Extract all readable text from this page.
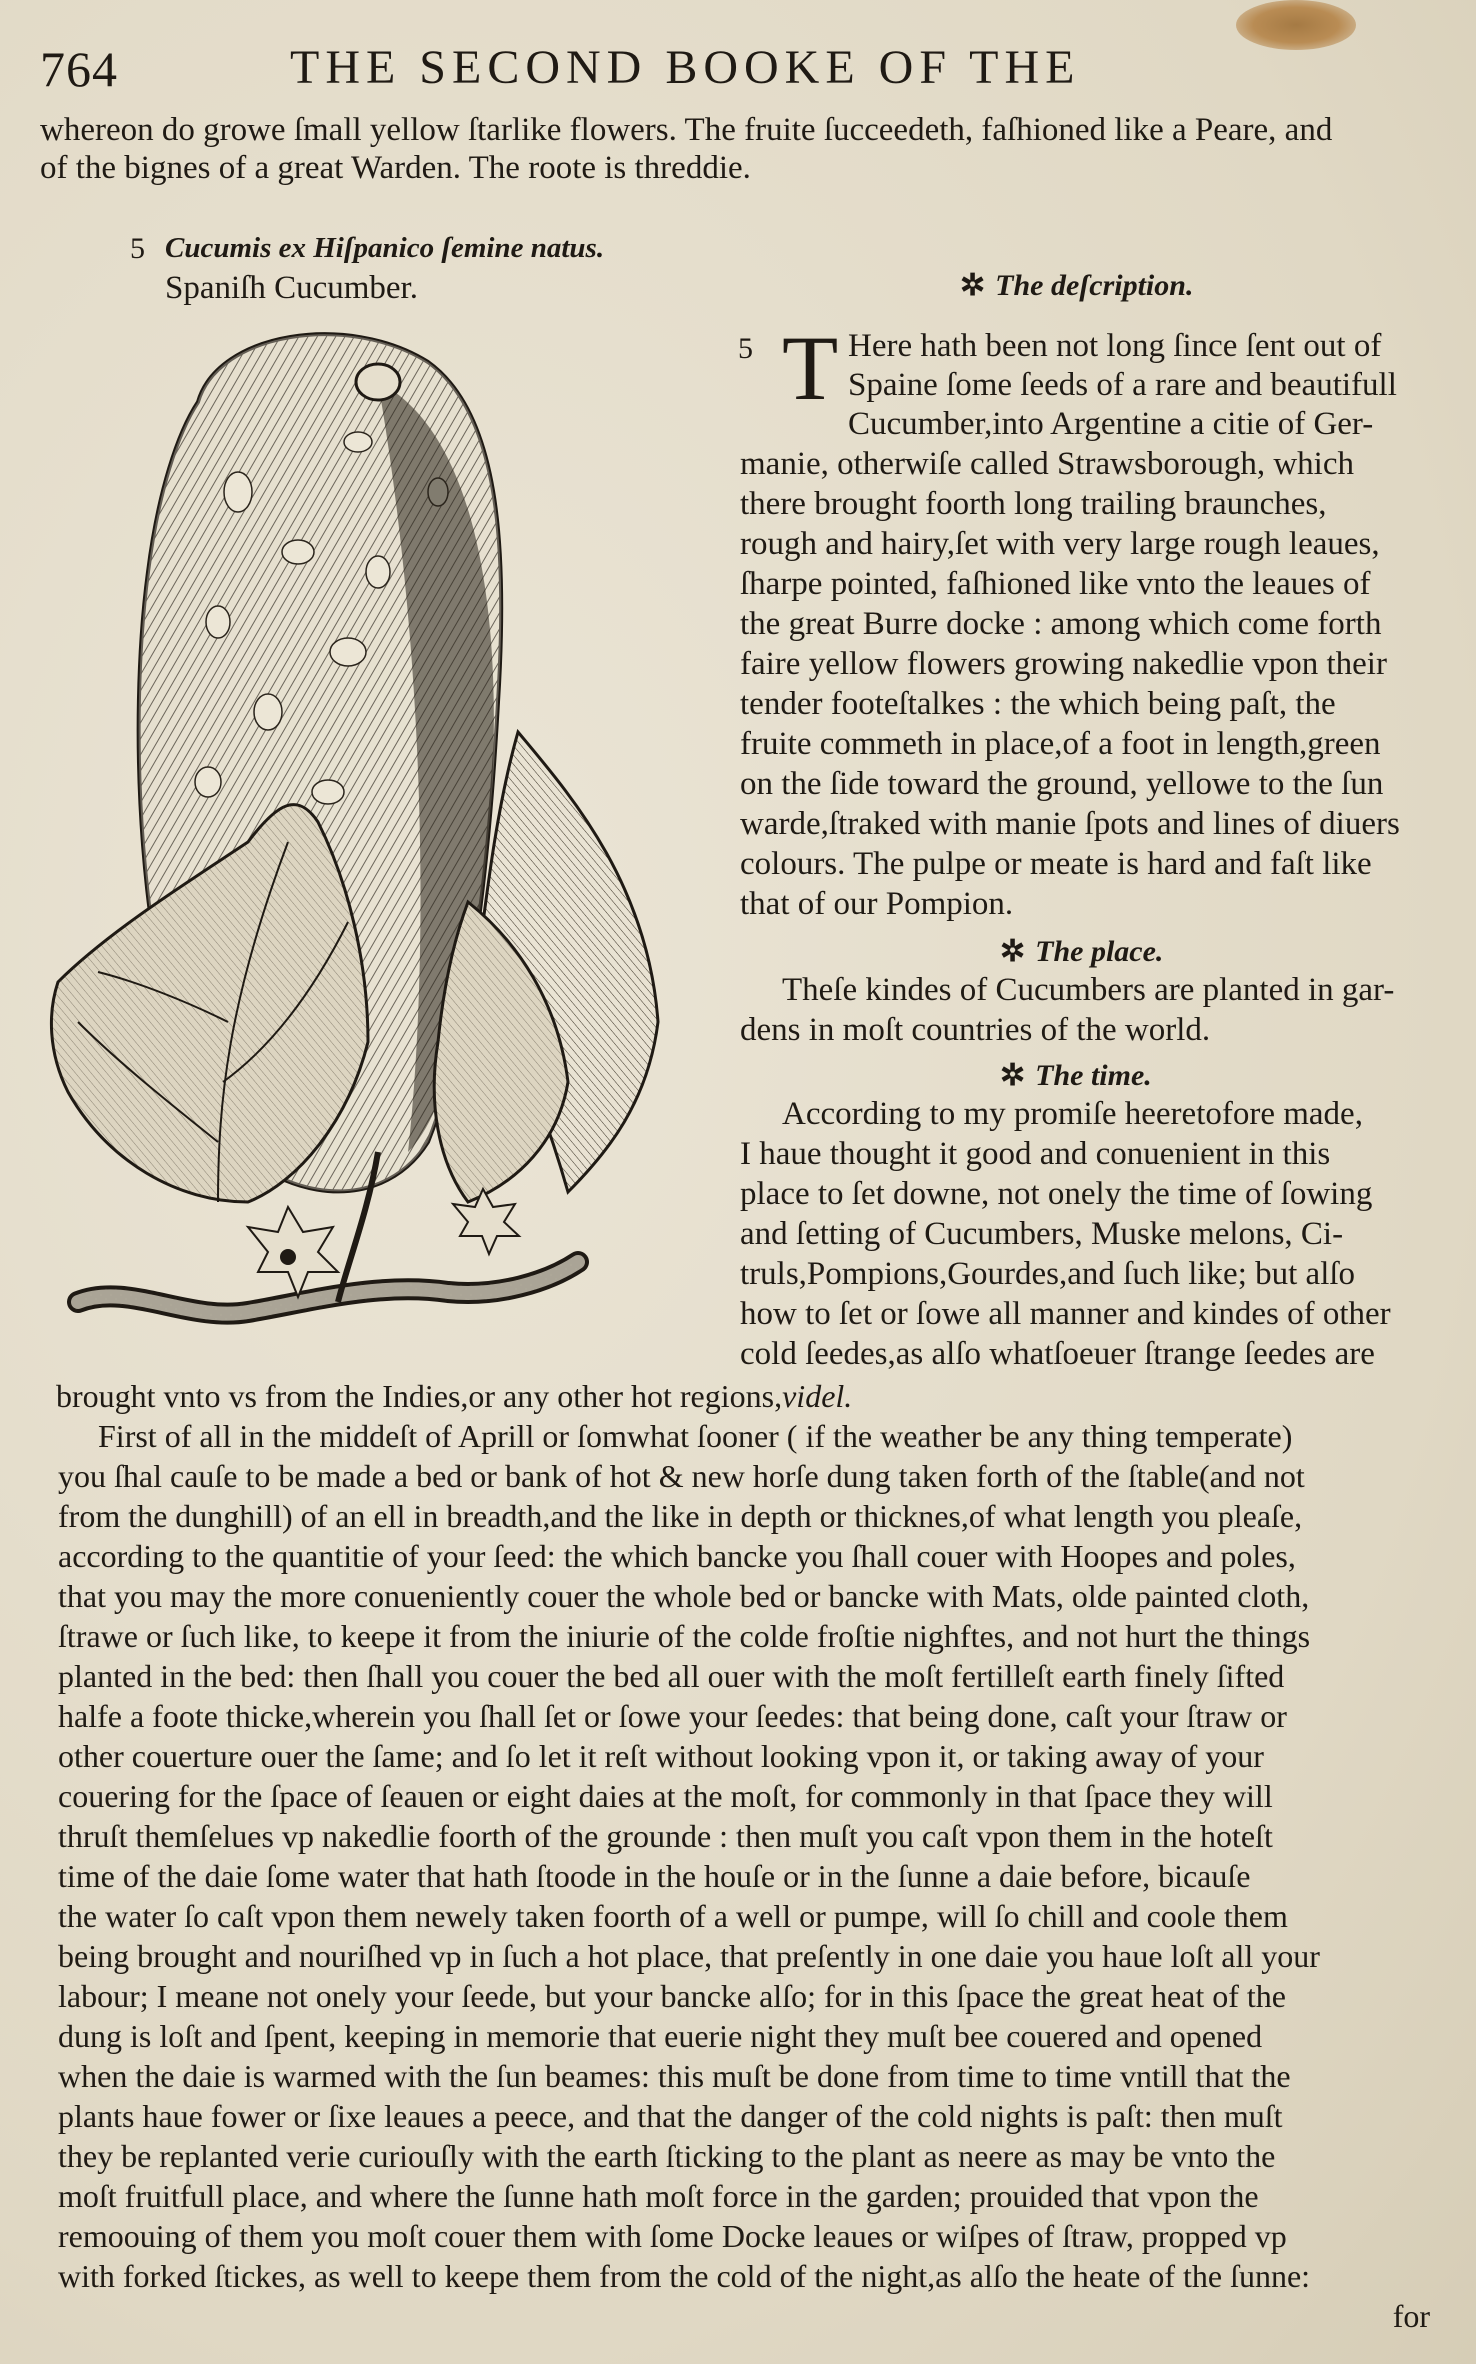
764	THE SECOND BOOKE OF THE
whereon do growe ſmall yellow ſtarlike flowers. The fruite ſucceedeth, faſhioned like a Peare, and
of the bignes of a great Warden. The roote is threddie.
5 Cucumis ex Hiſpanico ſemine natus.
Spaniſh Cucumber.	✲ The deſcription.
5 T Here hath been not long ſince ſent out of
Spaine ſome ſeeds of a rare and beautifull
Cucumber,into Argentine a citie of Ger-
manie, otherwiſe called Strawsborough, which
there brought foorth long trailing braunches,
rough and hairy,ſet with very large rough leaues,
ſharpe pointed, faſhioned like vnto the leaues of
the great Burre docke : among which come forth
faire yellow flowers growing nakedlie vpon their
tender footeſtalkes : the which being paſt, the
fruite commeth in place,of a foot in length,green
on the ſide toward the ground, yellowe to the ſun
warde,ſtraked with manie ſpots and lines of diuers
colours. The pulpe or meate is hard and faſt like
that of our Pompion.
✲ The place.
Theſe kindes of Cucumbers are planted in gar-
dens in moſt countries of the world.
✲ The time.
According to my promiſe heeretofore made,
I haue thought it good and conuenient in this
place to ſet downe, not onely the time of ſowing
and ſetting of Cucumbers, Muske melons, Ci-
truls,Pompions,Gourdes,and ſuch like; but alſo
how to ſet or ſowe all manner and kindes of other
cold ſeedes,as alſo whatſoeuer ſtrange ſeedes are
brought vnto vs from the Indies,or any other hot regions,videl.
First of all in the middeſt of Aprill or ſomwhat ſooner ( if the weather be any thing temperate)
you ſhal cauſe to be made a bed or bank of hot & new horſe dung taken forth of the ſtable(and not
from the dunghill) of an ell in breadth,and the like in depth or thicknes,of what length you pleaſe,
according to the quantitie of your ſeed: the which bancke you ſhall couer with Hoopes and poles,
that you may the more conueniently couer the whole bed or bancke with Mats, olde painted cloth,
ſtrawe or ſuch like, to keepe it from the iniurie of the colde froſtie nighftes, and not hurt the things
planted in the bed: then ſhall you couer the bed all ouer with the moſt fertilleſt earth finely ſifted
halfe a foote thicke,wherein you ſhall ſet or ſowe your ſeedes: that being done, caſt your ſtraw or
other couerture ouer the ſame; and ſo let it reſt without looking vpon it, or taking away of your
couering for the ſpace of ſeauen or eight daies at the moſt, for commonly in that ſpace they will
thruſt themſelues vp nakedlie foorth of the grounde : then muſt you caſt vpon them in the hoteſt
time of the daie ſome water that hath ſtoode in the houſe or in the ſunne a daie before, bicauſe
the water ſo caſt vpon them newely taken foorth of a well or pumpe, will ſo chill and coole them
being brought and nouriſhed vp in ſuch a hot place, that preſently in one daie you haue loſt all your
labour; I meane not onely your ſeede, but your bancke alſo; for in this ſpace the great heat of the
dung is loſt and ſpent, keeping in memorie that euerie night they muſt bee couered and opened
when the daie is warmed with the ſun beames: this muſt be done from time to time vntill that the
plants haue fower or ſixe leaues a peece, and that the danger of the cold nights is paſt: then muſt
they be replanted verie curiouſly with the earth ſticking to the plant as neere as may be vnto the
moſt fruitfull place, and where the ſunne hath moſt force in the garden; prouided that vpon the
remoouing of them you moſt couer them with ſome Docke leaues or wiſpes of ſtraw, propped vp
with forked ſtickes, as well to keepe them from the cold of the night,as alſo the heate of the ſunne:
for
